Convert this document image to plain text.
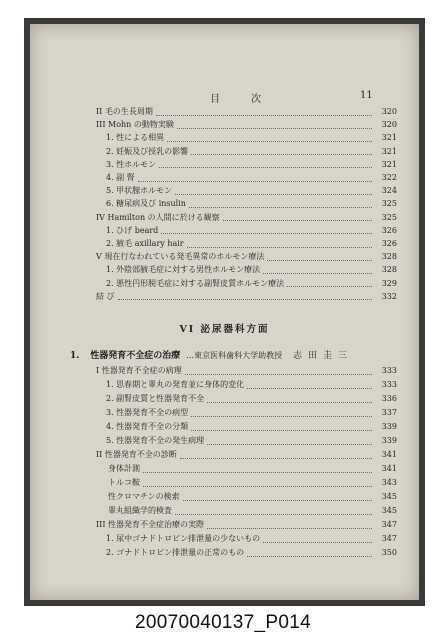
目 次	11
II 毛の生長周期	320
III Mohn の動物実験	320
1. 性による相異	321
2. 妊娠及び授乳の影響	321
3. 性ホルモン	321
4. 副 腎	322
5. 甲状腺ホルモン	324
6. 糖尿病及び insulin	325
IV Hamilton の人間に於ける観察	325
1. ひげ beard	326
2. 腋毛 axillary hair	326
V 現在行なわれている発毛異常のホルモン療法	328
1. 外陰部腋毛症に対する男性ホルモン療法	328
2. 悪性円形脱毛症に対する副腎皮質ホルモン療法	329
結 び	332
VI 泌尿器科方面
1. 性器発育不全症の治療 …東京医科歯科大学助教授 志田圭三
I 性器発育不全症の病理	333
1. 思春期と睾丸の発育並に身体的変化	333
2. 副腎皮質と性器発育不全	336
3. 性器発育不全の病型	337
4. 性器発育不全の分類	339
5. 性器発育不全の発生病理	339
II 性器発育不全の診断	341
身体計測	341
トルコ鞍	343
性クロマチンの検索	345
睾丸組織学的検査	345
III 性器発育不全症治療の実際	347
1. 尿中ゴナドトロピン排泄量の少ないもの	347
2. ゴナドトロピン排泄量の正常のもの	350
20070040137_P014
